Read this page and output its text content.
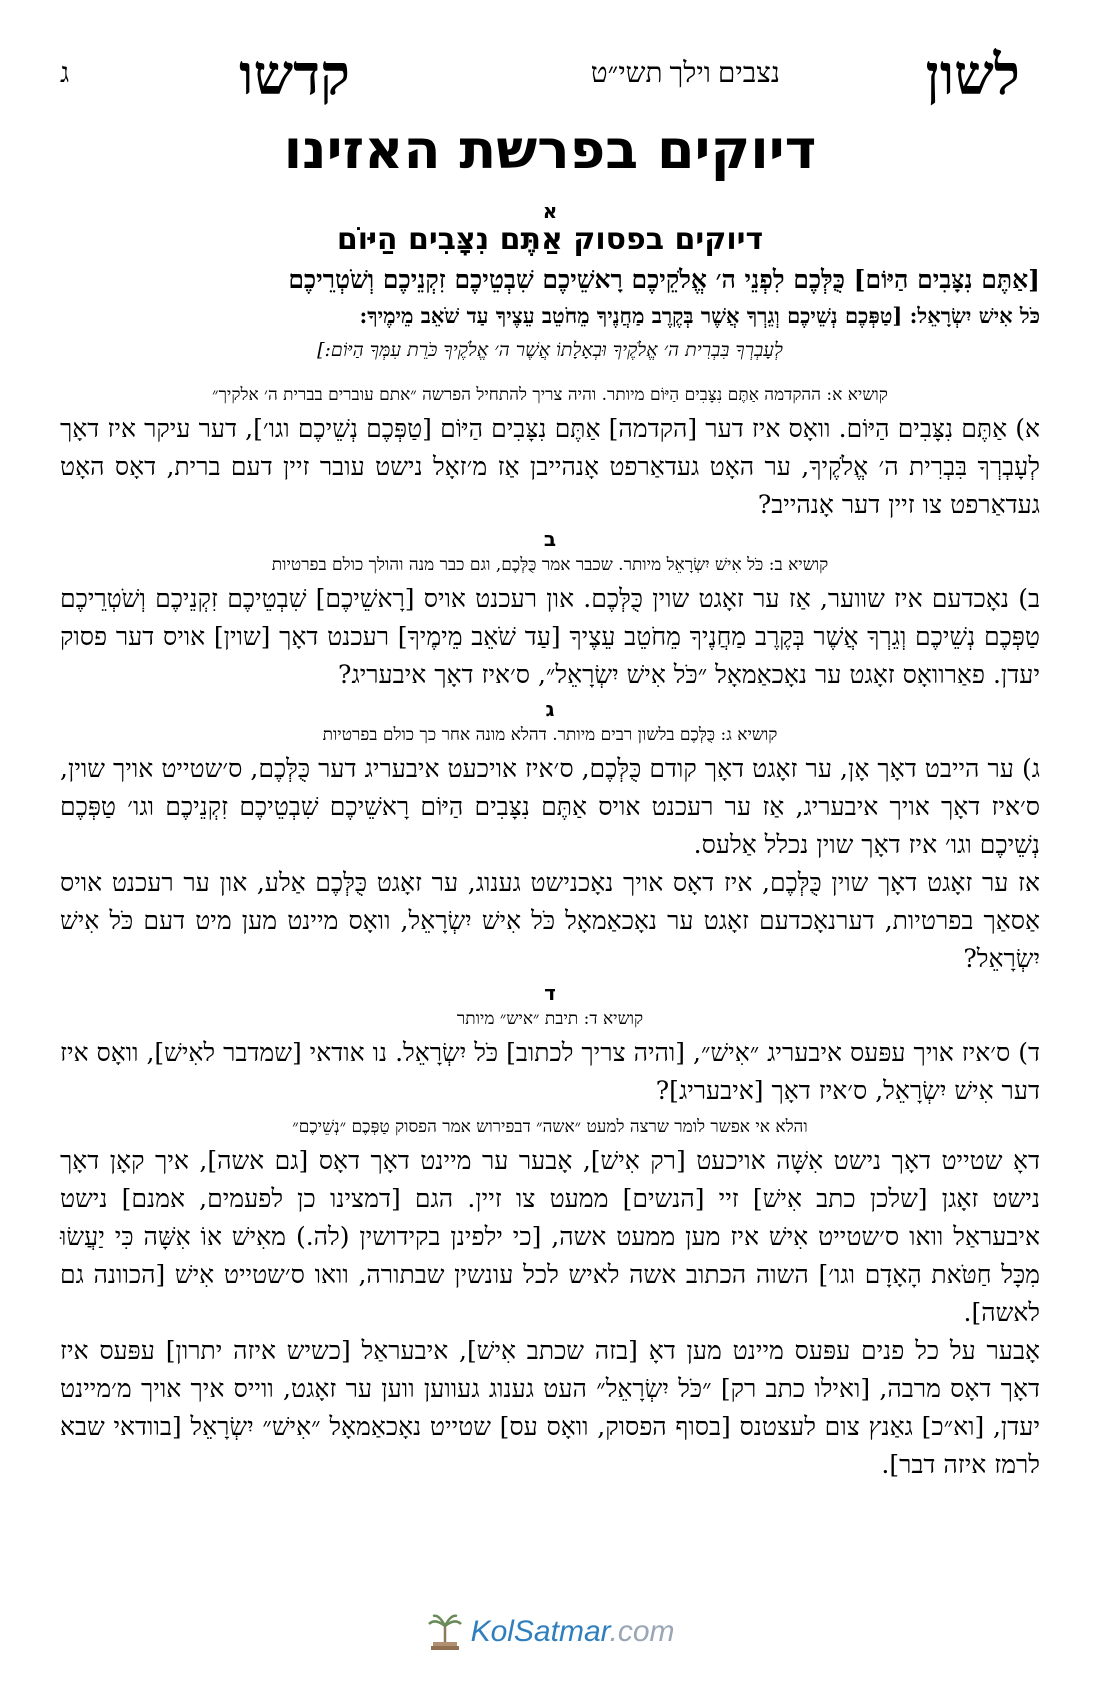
לשון
נצבים וילך תשי״ט
קדשו
ג
דיוקים בפרשת האזינו
א
דיוקים בפסוק אַתֶּם נִצָּבִים הַיּוֹם
[אַתֶּם נִצָּבִים הַיּוֹם] כֻּלְּכֶם לִפְנֵי ה׳ אֱלֹקֵיכֶם רָאשֵׁיכֶם שִׁבְטֵיכֶם זִקְנֵיכֶם וְשֹׁטְרֵיכֶם
כֹּל אִישׁ יִשְׂרָאֵל: [טַפְּכֶם נְשֵׁיכֶם וְגֵרְךָ אֲשֶׁר בְּקֶרֶב מַחֲנֶיךָ מֵחֹטֵב עֵצֶיךָ עַד שֹׁאֵב מֵימֶיךָ:
לְעָבְרְךָ בִּבְרִית ה׳ אֱלֹקֶיךָ וּבְאָלָתוֹ אֲשֶׁר ה׳ אֱלֹקֶיךָ כֹּרֵת עִמְּךָ הַיּוֹם:]
קושיא א: ההקדמה אַתֶּם נִצָּבִים הַיּוֹם מיותר. והיה צריך להתחיל הפרשה ״אתם עוברים בברית ה׳ אלקיך״
א) אַתֶּם נִצָּבִים הַיּוֹם. וואָס איז דער [הקדמה] אַתֶּם נִצָּבִים הַיּוֹם [טַפְּכֶם נְשֵׁיכֶם וגו׳], דער עיקר איז דאָך לְעָבְרְךָ בִּבְרִית ה׳ אֱלֹקֶיךָ, ער האָט געדאַרפט אָנהייבן אַז מ׳זאָל נישט עובר זיין דעם ברית, דאָס האָט געדאַרפט צו זיין דער אָנהייב?
ב
קושיא ב: כֹּל אִישׁ יִשְׂרָאֵל מיותר. שכבר אמר כֻּלְּכֶם, וגם כבר מנה והולך כולם בפרטיות
ב) נאָכדעם איז שווער, אַז ער זאָגט שוין כֻּלְּכֶם. און רעכנט אויס [רָאשֵׁיכֶם] שִׁבְטֵיכֶם זִקְנֵיכֶם וְשֹׁטְרֵיכֶם טַפְּכֶם נְשֵׁיכֶם וְגֵרְךָ אֲשֶׁר בְּקֶרֶב מַחֲנֶיךָ מֵחֹטֵב עֵצֶיךָ [עַד שֹׁאֵב מֵימֶיךָ] רעכנט דאָך [שוין] אויס דער פסוק יעדן. פאַרוואָס זאָגט ער נאָכאַמאָל ״כֹּל אִישׁ יִשְׂרָאֵל״, ס׳איז דאָך איבעריג?
ג
קושיא ג: כֻּלְּכֶם בלשון רבים מיותר. דהלא מונה אחר כך כולם בפרטיות
ג) ער הייבט דאָך אָן, ער זאָגט דאָך קודם כֻּלְּכֶם, ס׳איז אויכעט איבעריג דער כֻּלְּכֶם, ס׳שטייט אויך שוין, ס׳איז דאָך אויך איבעריג, אַז ער רעכנט אויס אַתֶּם נִצָּבִים הַיּוֹם רָאשֵׁיכֶם שִׁבְטֵיכֶם זִקְנֵיכֶם וגו׳ טַפְּכֶם נְשֵׁיכֶם וגו׳ איז דאָך שוין נכלל אַלעס.
אז ער זאָגט דאָך שוין כֻּלְּכֶם, איז דאָס אויך נאָכנישט גענוג, ער זאָגט כֻּלְּכֶם אַלע, און ער רעכנט אויס אַסאַך בפרטיות, דערנאָכדעם זאָגט ער נאָכאַמאָל כֹּל אִישׁ יִשְׂרָאֵל, וואָס מיינט מען מיט דעם כֹּל אִישׁ יִשְׂרָאֵל?
ד
קושיא ד: תיבת ״איש״ מיותר
ד) ס׳איז אויך עפּעס איבעריג ״אִישׁ״, [והיה צריך לכתוב] כֹּל יִשְׂרָאֵל. נו אודאי [שמדבר לאִישׁ], וואָס איז דער אִישׁ יִשְׂרָאֵל, ס׳איז דאָך [איבעריג]?
והלא אי אפשר לומר שרצה למעט ״אשה״ דבפירוש אמר הפסוק טַפְּכֶם ״נְשֵׁיכֶם״
דאָ שטייט דאָך נישט אִשָּׁה אויכעט [רק אִישׁ], אָבער ער מיינט דאָך דאָס [גם אשה], איך קאָן דאָך נישט זאָגן [שלכן כתב אִישׁ] זיי [הנשים] ממעט צו זיין. הגם [דמצינו כן לפעמים, אמנם] נישט איבעראַל וואו ס׳שטייט אִישׁ איז מען ממעט אשה, [כי ילפינן בקידושין (לה.) מאִישׁ אוֹ אִשָּׁה כִּי יַעֲשׂוּ מִכָּל חַטֹּאת הָאָדָם וגו׳] השוה הכתוב אשה לאיש לכל עונשין שבתורה, וואו ס׳שטייט אִישׁ [הכוונה גם לאשה].
אָבער על כל פנים עפּעס מיינט מען דאָ [בזה שכתב אִישׁ], איבעראַל [כשיש איזה יתרון] עפּעס איז דאָך דאָס מרבה, [ואילו כתב רק] ״כֹּל יִשְׂרָאֵל״ העט גענוג געווען ווען ער זאָגט, ווייס איך אויך מ׳מיינט יעדן, [וא״כ] גאַנץ צום לעצטנס [בסוף הפסוק, וואָס עס] שטייט נאָכאַמאָל ״אִישׁ״ יִשְׂרָאֵל [בוודאי שבא לרמז איזה דבר].
KolSatmar.com
